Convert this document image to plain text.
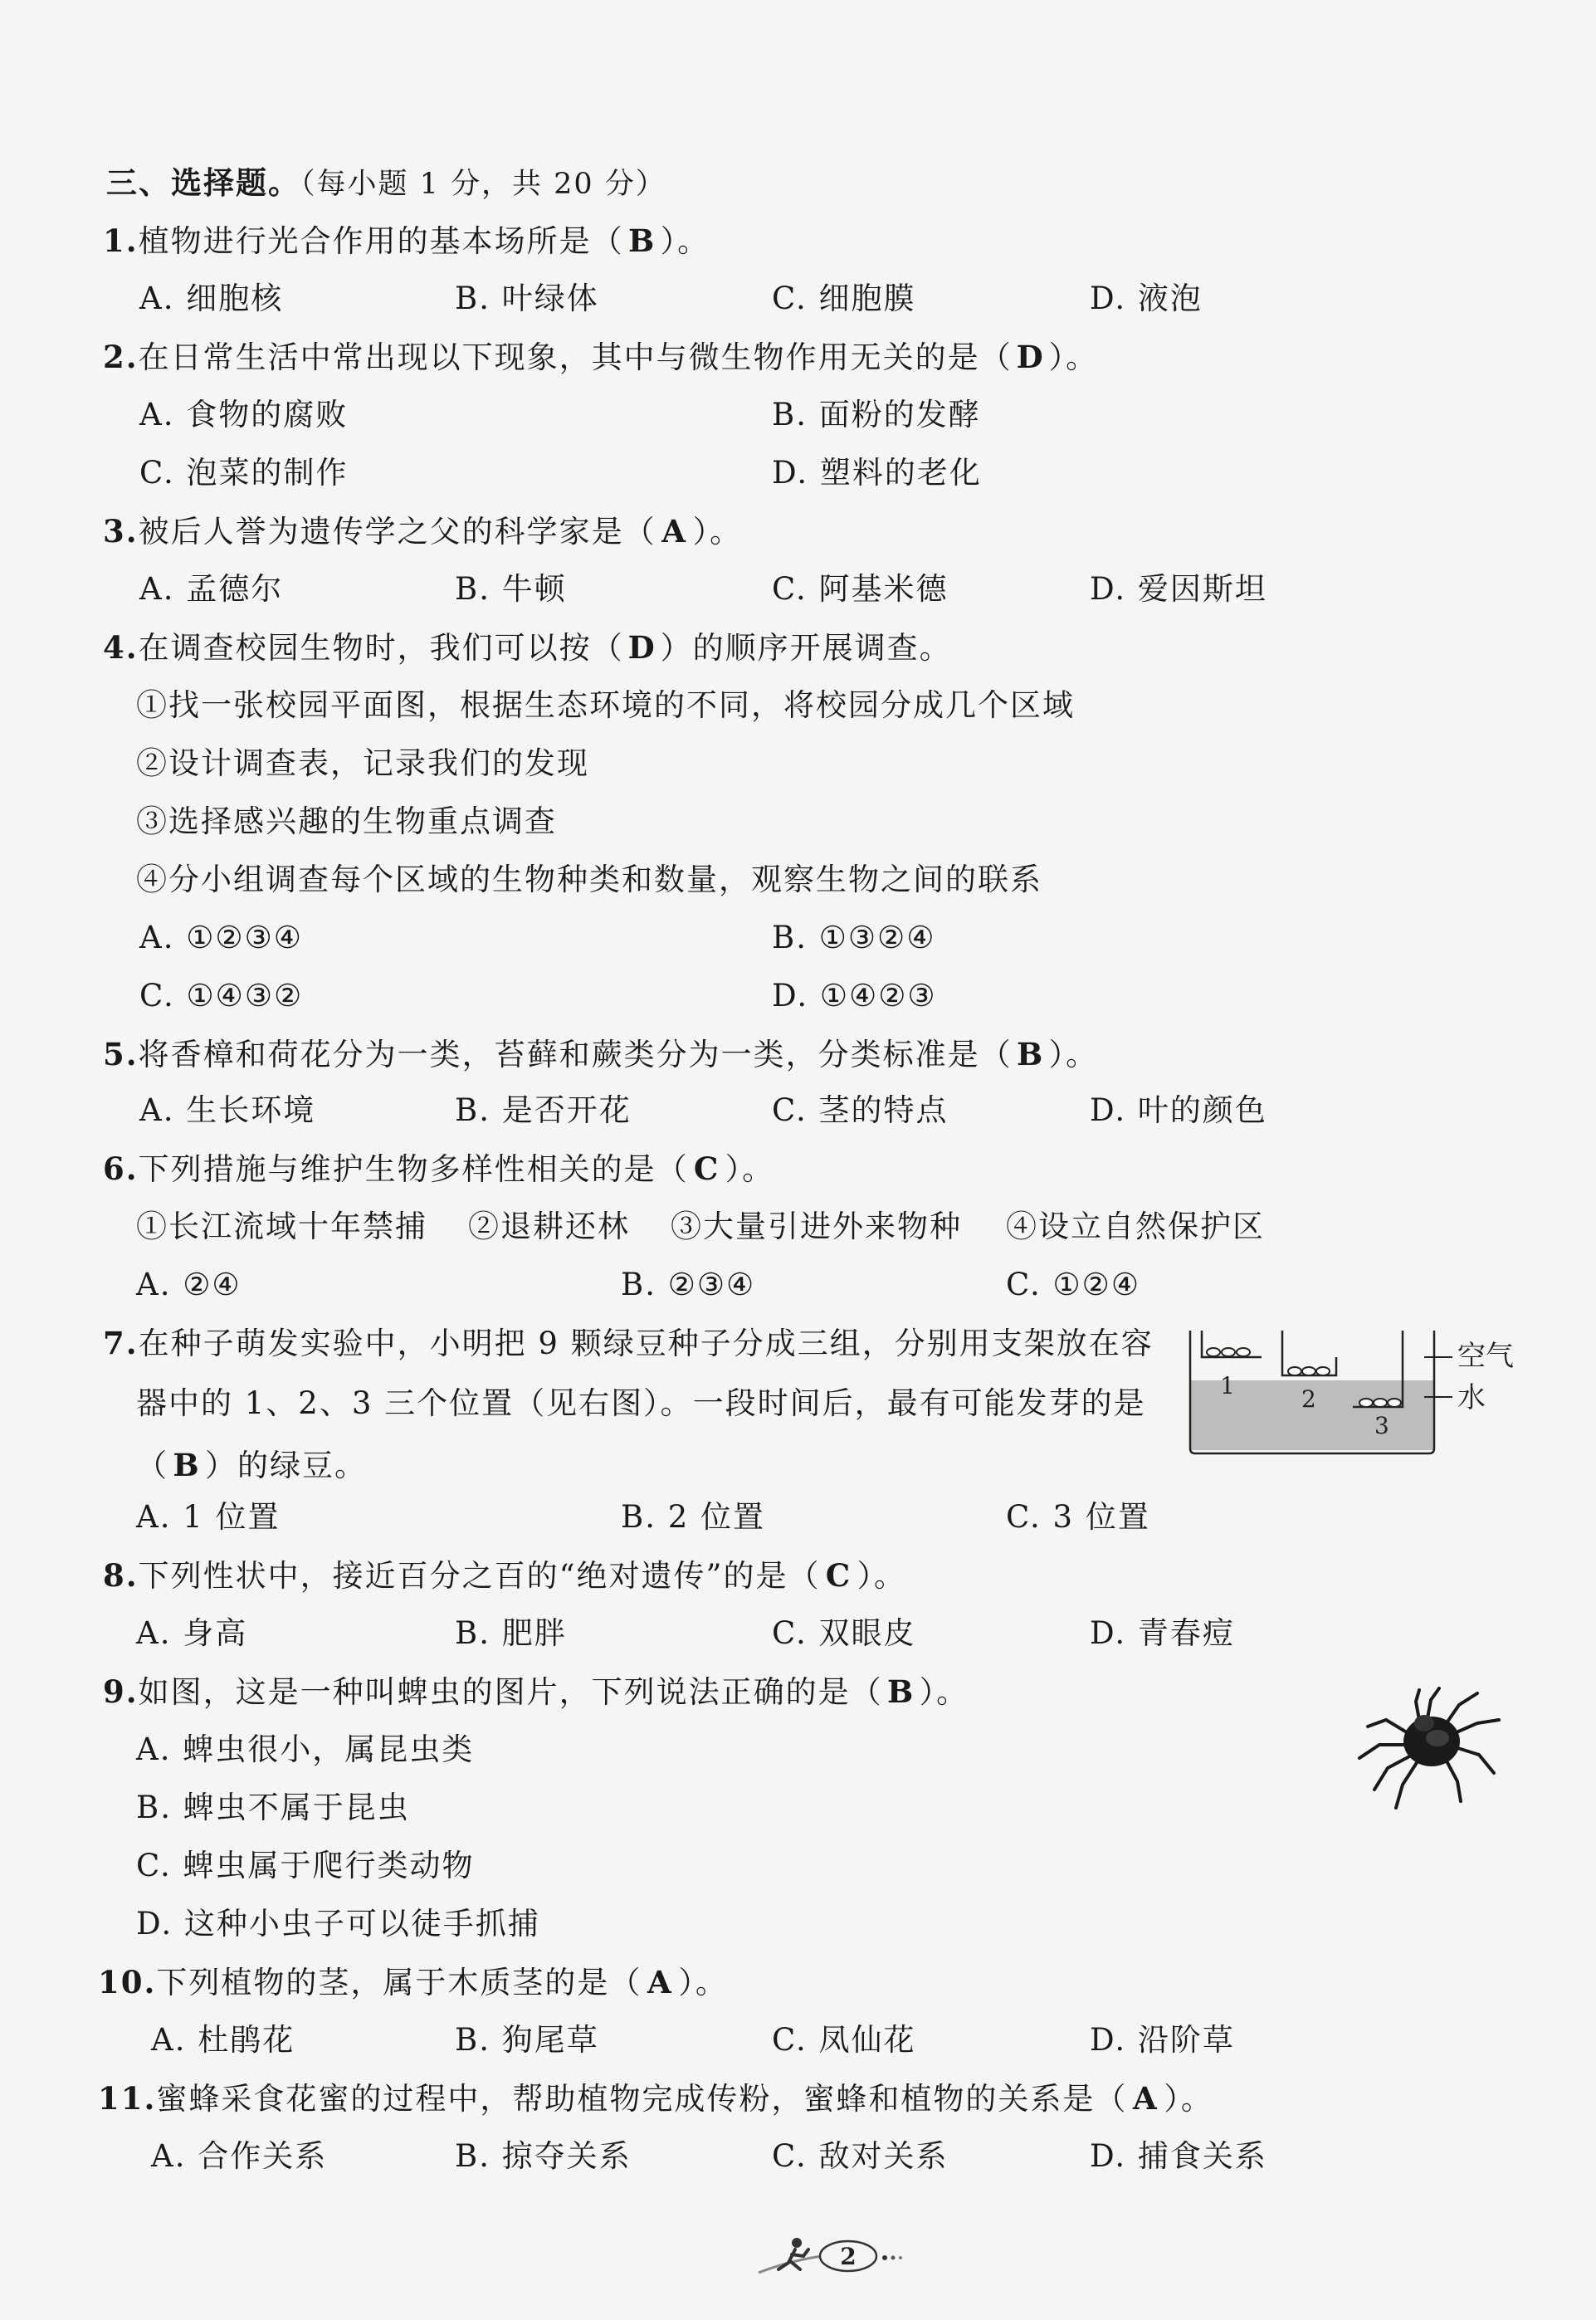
三、选择题。（每小题 1 分，共 20 分）
1.植物进行光合作用的基本场所是（ B ）。
A. 细胞核	B. 叶绿体	C. 细胞膜	D. 液泡
2.在日常生活中常出现以下现象，其中与微生物作用无关的是（ D ）。
A. 食物的腐败	B. 面粉的发酵
C. 泡菜的制作	D. 塑料的老化
3.被后人誉为遗传学之父的科学家是（ A ）。
A. 孟德尔	B. 牛顿	C. 阿基米德	D. 爱因斯坦
4.在调查校园生物时，我们可以按（ D ）的顺序开展调查。
①找一张校园平面图，根据生态环境的不同，将校园分成几个区域
②设计调查表，记录我们的发现
③选择感兴趣的生物重点调查
④分小组调查每个区域的生物种类和数量，观察生物之间的联系
A. ①②③④	B. ①③②④
C. ①④③②	D. ①④②③
5.将香樟和荷花分为一类，苔藓和蕨类分为一类，分类标准是（ B ）。
A. 生长环境	B. 是否开花	C. 茎的特点	D. 叶的颜色
6.下列措施与维护生物多样性相关的是（ C ）。
①长江流域十年禁捕 ②退耕还林 ③大量引进外来物种 ④设立自然保护区
A. ②④	B. ②③④	C. ①②④
7.在种子萌发实验中，小明把 9 颗绿豆种子分成三组，分别用支架放在容
器中的 1、2、3 三个位置（见右图）。一段时间后，最有可能发芽的是
（ B ）的绿豆。
A. 1 位置	B. 2 位置	C. 3 位置
1	2
3
空气
水
8.下列性状中，接近百分之百的“绝对遗传”的是（ C ）。
A. 身高	B. 肥胖	C. 双眼皮	D. 青春痘
9.如图，这是一种叫蜱虫的图片，下列说法正确的是（ B ）。
A. 蜱虫很小，属昆虫类
B. 蜱虫不属于昆虫
C. 蜱虫属于爬行类动物
D. 这种小虫子可以徒手抓捕
10.下列植物的茎，属于木质茎的是（ A ）。
A. 杜鹃花	B. 狗尾草	C. 凤仙花	D. 沿阶草
11.蜜蜂采食花蜜的过程中，帮助植物完成传粉，蜜蜂和植物的关系是（ A ）。
A. 合作关系	B. 掠夺关系	C. 敌对关系	D. 捕食关系
2
